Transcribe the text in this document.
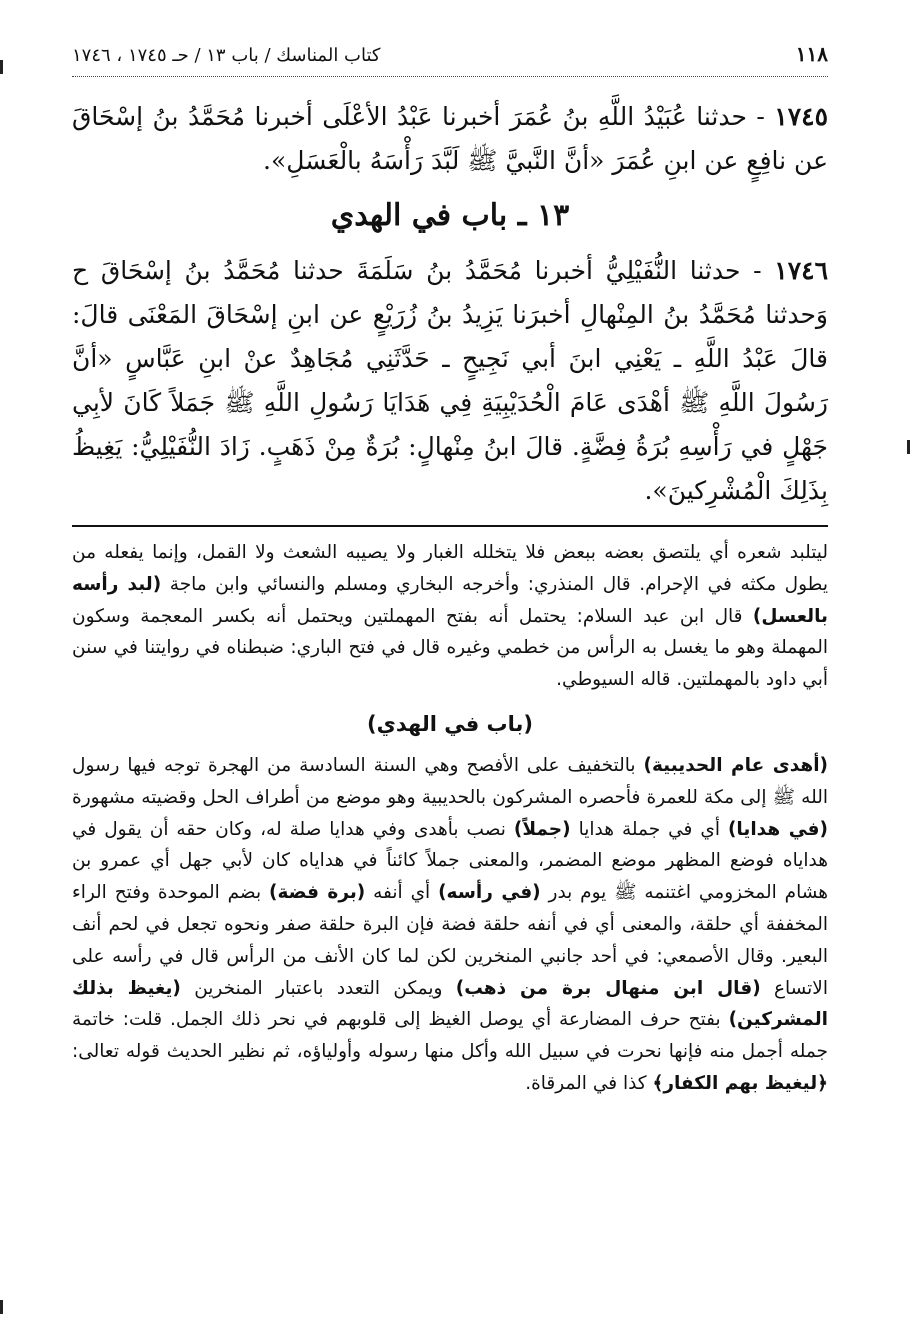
١١٨
كتاب المناسك / باب ١٣ / حـ ١٧٤٥ ، ١٧٤٦

١٧٤٥ - حدثنا عُبَيْدُ اللَّهِ بنُ عُمَرَ أخبرنا عَبْدُ الأعْلَى أخبرنا مُحَمَّدُ بنُ إسْحَاقَ عن نافِعٍ عن ابنِ عُمَرَ «أنَّ النَّبيَّ ﷺ لَبَّدَ رَأْسَهُ بالْعَسَلِ».

١٣ ـ باب في الهدي

١٧٤٦ - حدثنا النُّفَيْلِيُّ أخبرنا مُحَمَّدُ بنُ سَلَمَةَ حدثنا مُحَمَّدُ بنُ إسْحَاقَ ح وَحدثنا مُحَمَّدُ بنُ المِنْهالِ أخبرَنا يَزِيدُ بنُ زُرَيْعٍ عن ابنِ إسْحَاقَ المَعْنَى قالَ: قالَ عَبْدُ اللَّهِ ـ يَعْنِي ابنَ أبي نَجِيحٍ ـ حَدَّثَنِي مُجَاهِدٌ عنْ ابنِ عَبَّاسٍ «أنَّ رَسُولَ اللَّهِ ﷺ أهْدَى عَامَ الْحُدَيْبِيَةِ فِي هَدَايَا رَسُولِ اللَّهِ ﷺ جَمَلاً كَانَ لأبِي جَهْلٍ في رَأْسِهِ بُرَةُ فِضَّةٍ. قالَ ابنُ مِنْهالٍ: بُرَةٌ مِنْ ذَهَبٍ. زَادَ النُّفَيْلِيُّ: يَغِيظُ بِذَلِكَ الْمُشْرِكينَ».

ليتلبد شعره أي يلتصق بعضه ببعض فلا يتخلله الغبار ولا يصيبه الشعث ولا القمل، وإنما يفعله من يطول مكثه في الإحرام. قال المنذري: وأخرجه البخاري ومسلم والنسائي وابن ماجة (لبد رأسه بالعسل) قال ابن عبد السلام: يحتمل أنه بفتح المهملتين ويحتمل أنه بكسر المعجمة وسكون المهملة وهو ما يغسل به الرأس من خطمي وغيره قال في فتح الباري: ضبطناه في روايتنا في سنن أبي داود بالمهملتين. قاله السيوطي.

(باب في الهدي)

(أهدى عام الحديبية) بالتخفيف على الأفصح وهي السنة السادسة من الهجرة توجه فيها رسول الله ﷺ إلى مكة للعمرة فأحصره المشركون بالحديبية وهو موضع من أطراف الحل وقضيته مشهورة (في هدايا) أي في جملة هدايا (جملاً) نصب بأهدى وفي هدايا صلة له، وكان حقه أن يقول في هداياه فوضع المظهر موضع المضمر، والمعنى جملاً كائناً في هداياه كان لأبي جهل أي عمرو بن هشام المخزومي اغتنمه ﷺ يوم بدر (في رأسه) أي أنفه (برة فضة) بضم الموحدة وفتح الراء المخففة أي حلقة، والمعنى أي في أنفه حلقة فضة فإن البرة حلقة صفر ونحوه تجعل في لحم أنف البعير. وقال الأصمعي: في أحد جانبي المنخرين لكن لما كان الأنف من الرأس قال في رأسه على الاتساع (قال ابن منهال برة من ذهب) ويمكن التعدد باعتبار المنخرين (يغيظ بذلك المشركين) بفتح حرف المضارعة أي يوصل الغيظ إلى قلوبهم في نحر ذلك الجمل. قلت: خاتمة جمله أجمل منه فإنها نحرت في سبيل الله وأكل منها رسوله وأولياؤه، ثم نظير الحديث قوله تعالى: ﴿ليغيظ بهم الكفار﴾ كذا في المرقاة.
